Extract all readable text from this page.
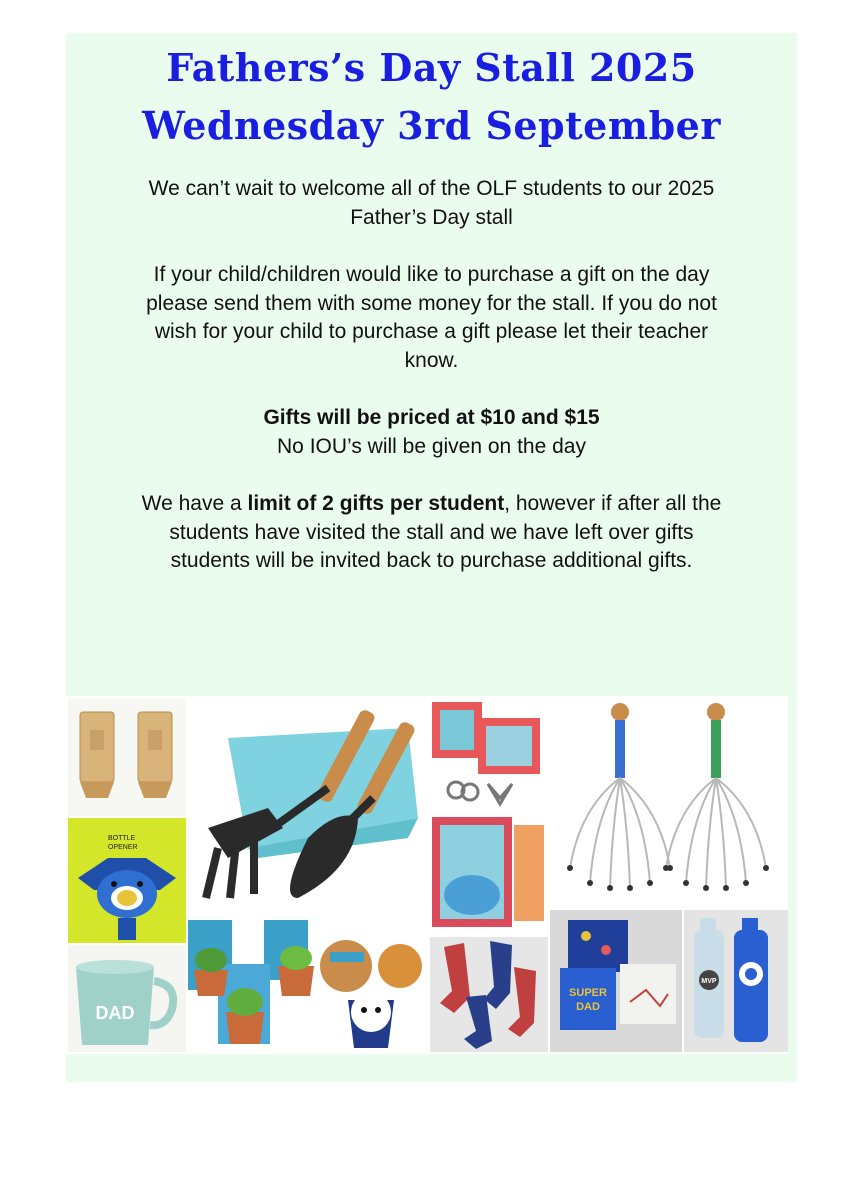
Fathers’s Day Stall 2025
Wednesday 3rd September
We can’t wait to welcome all of the OLF students to our 2025
Father’s Day stall
If your child/children would like to purchase a gift on the day
please send them with some money for the stall. If you do not
wish for your child to purchase a gift please let their teacher
know.
Gifts will be priced at $10 and $15
No IOU’s will be given on the day
We have a limit of 2 gifts per student, however if after all the
students have visited the stall and we have left over gifts
students will be invited back to purchase additional gifts.
BOTTLE
OPENER
DAD
SUPER
DAD
MVP
